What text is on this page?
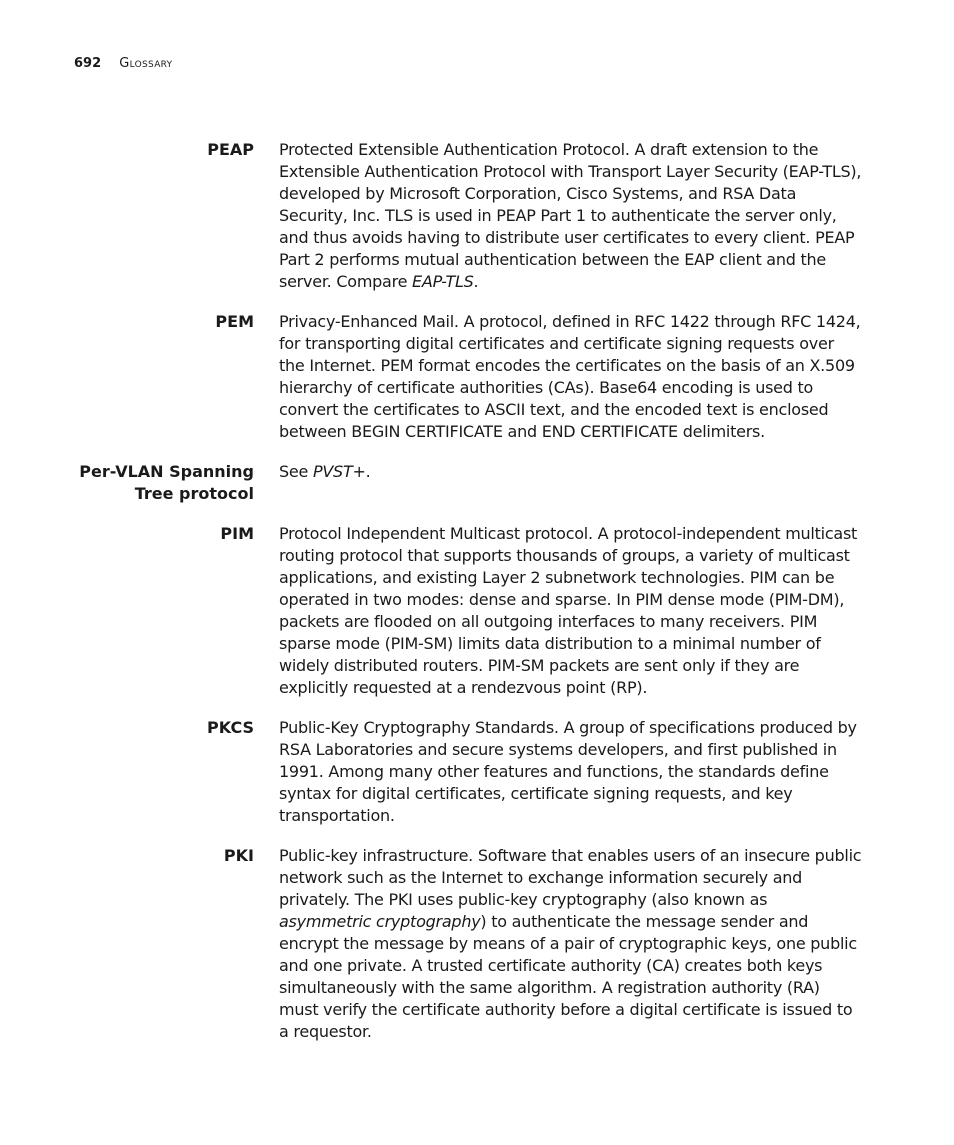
692 Glossary
PEAP Protected Extensible Authentication Protocol. A draft extension to the Extensible Authentication Protocol with Transport Layer Security (EAP-TLS), developed by Microsoft Corporation, Cisco Systems, and RSA Data Security, Inc. TLS is used in PEAP Part 1 to authenticate the server only, and thus avoids having to distribute user certificates to every client. PEAP Part 2 performs mutual authentication between the EAP client and the server. Compare EAP-TLS.
PEM Privacy-Enhanced Mail. A protocol, defined in RFC 1422 through RFC 1424, for transporting digital certificates and certificate signing requests over the Internet. PEM format encodes the certificates on the basis of an X.509 hierarchy of certificate authorities (CAs). Base64 encoding is used to convert the certificates to ASCII text, and the encoded text is enclosed between BEGIN CERTIFICATE and END CERTIFICATE delimiters.
Per-VLAN Spanning Tree protocol
See PVST+.
PIM Protocol Independent Multicast protocol. A protocol-independent multicast routing protocol that supports thousands of groups, a variety of multicast applications, and existing Layer 2 subnetwork technologies. PIM can be operated in two modes: dense and sparse. In PIM dense mode (PIM-DM), packets are flooded on all outgoing interfaces to many receivers. PIM sparse mode (PIM-SM) limits data distribution to a minimal number of widely distributed routers. PIM-SM packets are sent only if they are explicitly requested at a rendezvous point (RP).
PKCS Public-Key Cryptography Standards. A group of specifications produced by RSA Laboratories and secure systems developers, and first published in 1991. Among many other features and functions, the standards define syntax for digital certificates, certificate signing requests, and key transportation.
PKI Public-key infrastructure. Software that enables users of an insecure public network such as the Internet to exchange information securely and privately. The PKI uses public-key cryptography (also known as asymmetric cryptography) to authenticate the message sender and encrypt the message by means of a pair of cryptographic keys, one public and one private. A trusted certificate authority (CA) creates both keys simultaneously with the same algorithm. A registration authority (RA) must verify the certificate authority before a digital certificate is issued to a requestor.
